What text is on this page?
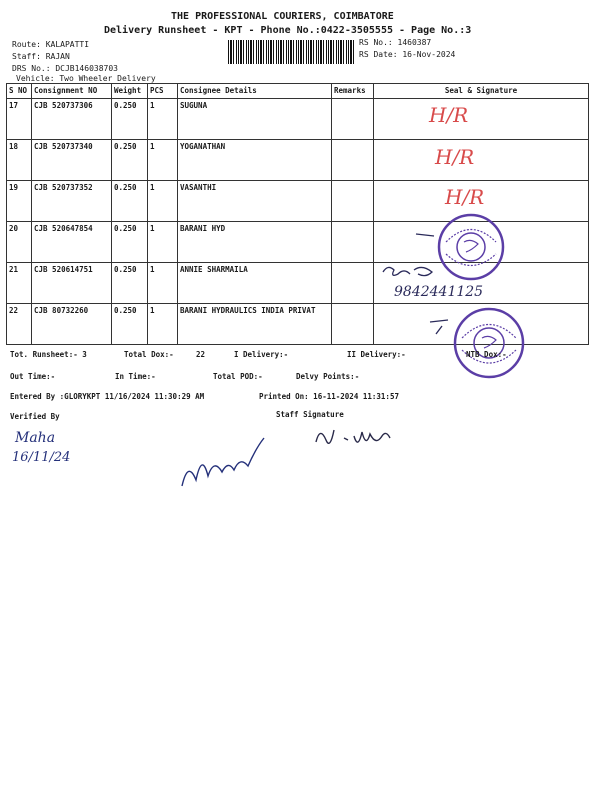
THE PROFESSIONAL COURIERS, COIMBATORE
Delivery Runsheet - KPT - Phone No.:0422-3505555 - Page No.:3
Route: KALAPATTI
Staff: RAJAN
DRS No.: DCJB146038703
Vehicle: Two Wheeler Delivery
RS No.: 1460387
RS Date: 16-Nov-2024
S NO	Consignment NO	Weight	PCS	Consignee Details	Remarks	Seal & Signature
17	CJB 520737306	0.250	1	SUGUNA		
18	CJB 520737340	0.250	1	YOGANATHAN		
19	CJB 520737352	0.250	1	VASANTHI		
20	CJB 520647854	0.250	1	BARANI HYD		
21	CJB 520614751	0.250	1	ANNIE SHARMAILA		
22	CJB 80732260	0.250	1	BARANI HYDRAULICS INDIA PRIVAT		
H/R
H/R
H/R
9842441125
Tot. Runsheet:- 3	Total Dox:-	22	I Delivery:-	II Delivery:-	NTB Dox:-
Out Time:-	In Time:-	Total POD:-	Delvy Points:-
Entered By :GLORYKPT 11/16/2024 11:30:29 AM	Printed On: 16-11-2024 11:31:57
Verified By	Staff Signature
Maha
16/11/24
